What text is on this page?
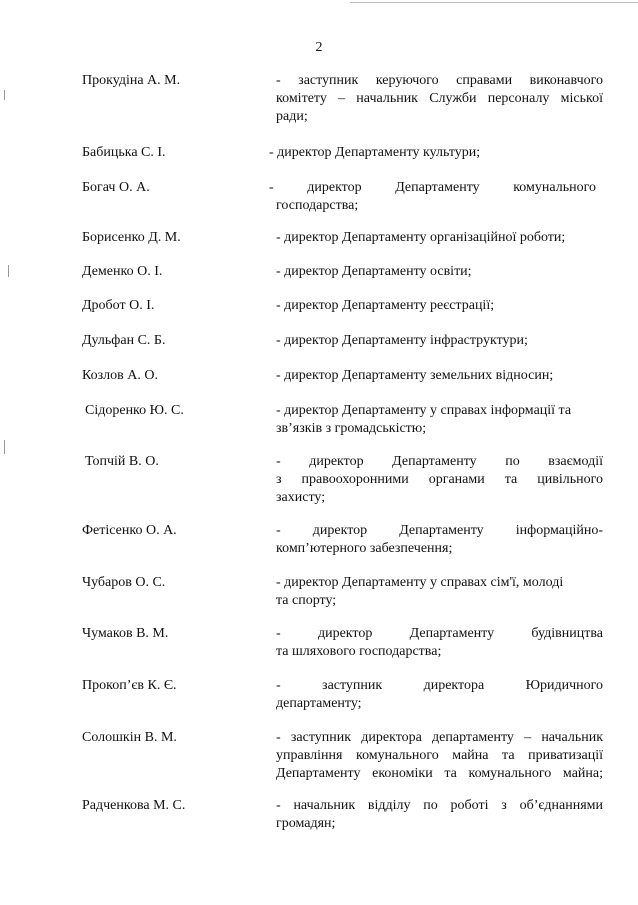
2
Прокудіна А. М.	- заступник керуючого справами виконавчого
комітету – начальник Служби персоналу міської
ради;
Бабицька С. І.	- директор Департаменту культури;
Богач О. А.	- директор Департаменту комунального
господарства;
Борисенко Д. М.	- директор Департаменту організаційної роботи;
Деменко О. І.	- директор Департаменту освіти;
Дробот О. І.	- директор Департаменту реєстрації;
Дульфан С. Б.	- директор Департаменту інфраструктури;
Козлов А. О.	- директор Департаменту земельних відносин;
Сідоренко Ю. С.	- директор Департаменту у справах інформації та
зв’язків з громадськістю;
Топчій В. О.	- директор Департаменту по взаємодії
з правоохоронними органами та цивільного
захисту;
Фетісенко О. А.	- директор Департаменту інформаційно-
комп’ютерного забезпечення;
Чубаров О. С.	- директор Департаменту у справах сім'ї, молоді
та спорту;
Чумаков В. М.	- директор Департаменту будівництва
та шляхового господарства;
Прокоп’єв К. Є.	- заступник директора Юридичного
департаменту;
Солошкін В. М.	- заступник директора департаменту – начальник
управління комунального майна та приватизації
Департаменту економіки та комунального майна;
Радченкова М. С.	- начальник відділу по роботі з об’єднаннями
громадян;
